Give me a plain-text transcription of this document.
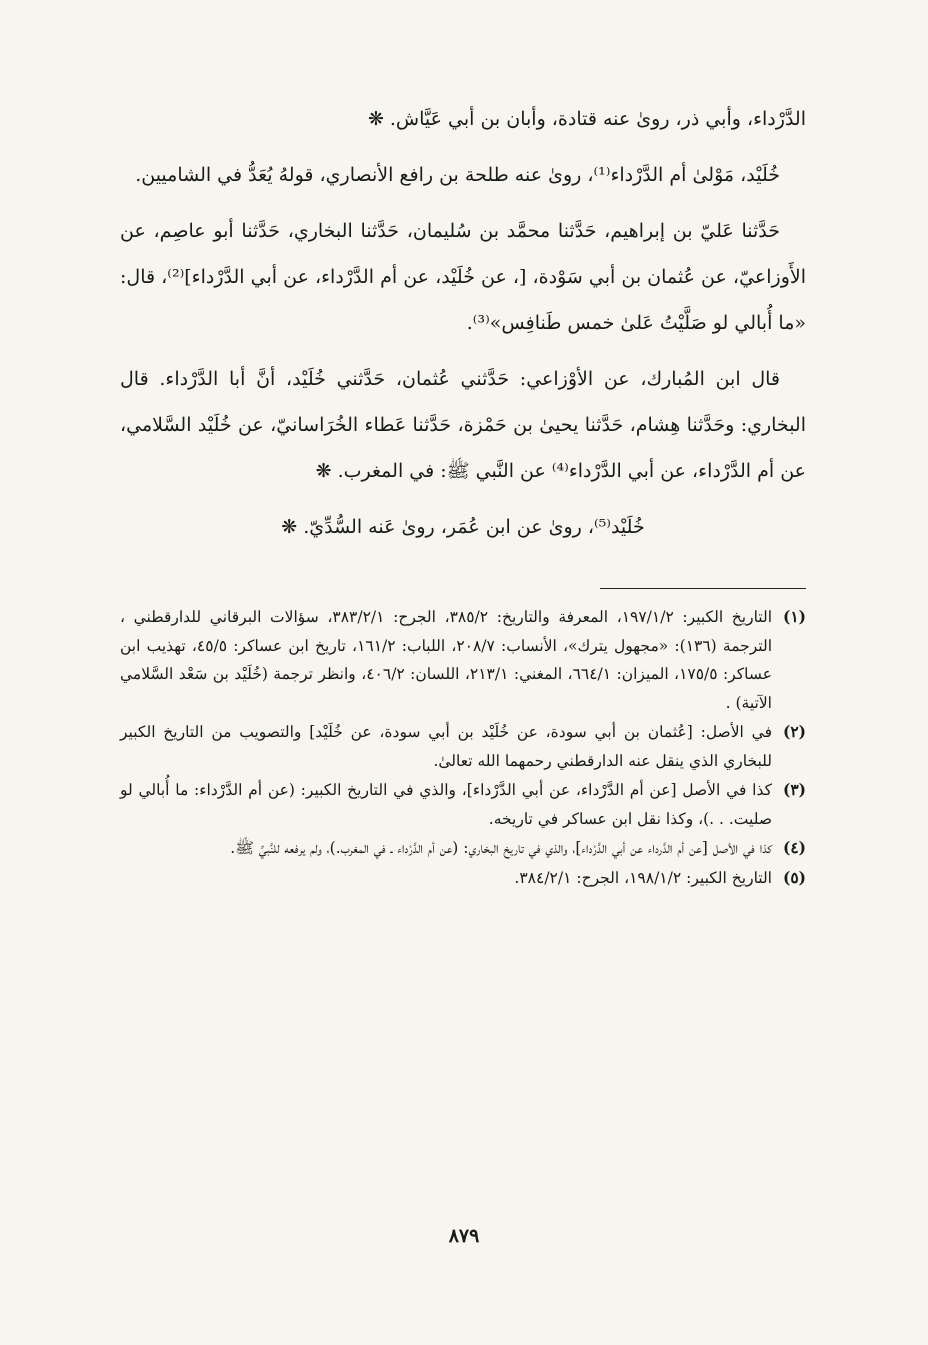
الدَّرْداء، وأبي ذر، روىٰ عنه قتادة، وأبان بن أبي عَيَّاش. ❋

خُلَيْد، مَوْلىٰ أم الدَّرْداء⁽¹⁾، روىٰ عنه طلحة بن رافع الأنصاري، قولهُ يُعَدُّ في الشاميين.

حَدَّثنا عَليّ بن إبراهيم، حَدَّثنا محمَّد بن سُليمان، حَدَّثنا البخاري، حَدَّثنا أبو عاصِم، عن الأَوزاعيّ، عن عُثمان بن أبي سَوْدة، [، عن خُلَيْد، عن أم الدَّرْداء، عن أبي الدَّرْداء]⁽²⁾، قال: «ما أُبالي لو صَلَّيْتُ عَلىٰ خمس طَنافِس»⁽³⁾.

قال ابن المُبارك، عن الأوْزاعي: حَدَّثني عُثمان، حَدَّثني خُلَيْد، أنَّ أبا الدَّرْداء. قال البخاري: وحَدَّثنا هِشام، حَدَّثنا يحيىٰ بن حَمْزة، حَدَّثنا عَطاء الخُرَاسانيّ، عن خُلَيْد السَّلامي، عن أم الدَّرْداء، عن أبي الدَّرْداء⁽⁴⁾ عن النَّبي ﷺ: في المغرب. ❋

خُلَيْد⁽⁵⁾، روىٰ عن ابن عُمَر، روىٰ عَنه السُّدِّيّ. ❋

(١)
التاريخ الكبير: ١٩٧/١/٢، المعرفة والتاريخ: ٣٨٥/٢، الجرح: ٣٨٣/٢/١، سؤالات البرقاني للدارقطني ، الترجمة (١٣٦): «مجهول يترك»، الأنساب: ٢٠٨/٧، اللباب: ١٦١/٢، تاريخ ابن عساكر: ٤٥/٥، تهذيب ابن عساكر: ١٧٥/٥، الميزان: ٦٦٤/١، المغني: ٢١٣/١، اللسان: ٤٠٦/٢، وانظر ترجمة (خُلَيْد بن سَعْد السَّلامي الآتية) .
(٢)
في الأصل: [عُثمان بن أبي سودة، عن خُلَيْد بن أبي سودة، عن خُلَيْد] والتصويب من التاريخ الكبير للبخاري الذي ينقل عنه الدارقطني رحمهما الله تعالىٰ.
(٣)
كذا في الأصل [عن أم الدَّرْداء، عن أبي الدَّرْداء]، والذي في التاريخ الكبير: (عن أم الدَّرْداء: ما أُبالي لو صليت. . .)، وكذا نقل ابن عساكر في تاريخه.
(٤)
كذا في الأصل [عن أم الدَّرداء عن أبي الدَّرْداء]، والذي في تاريخ البخاري: (عن أم الدَّرْداء ـ في المغرب.)، ولم يرفعه للنَّبيِّ ﷺ.
(٥)
التاريخ الكبير: ١٩٨/١/٢، الجرح: ٣٨٤/٢/١.
٨٧٩
